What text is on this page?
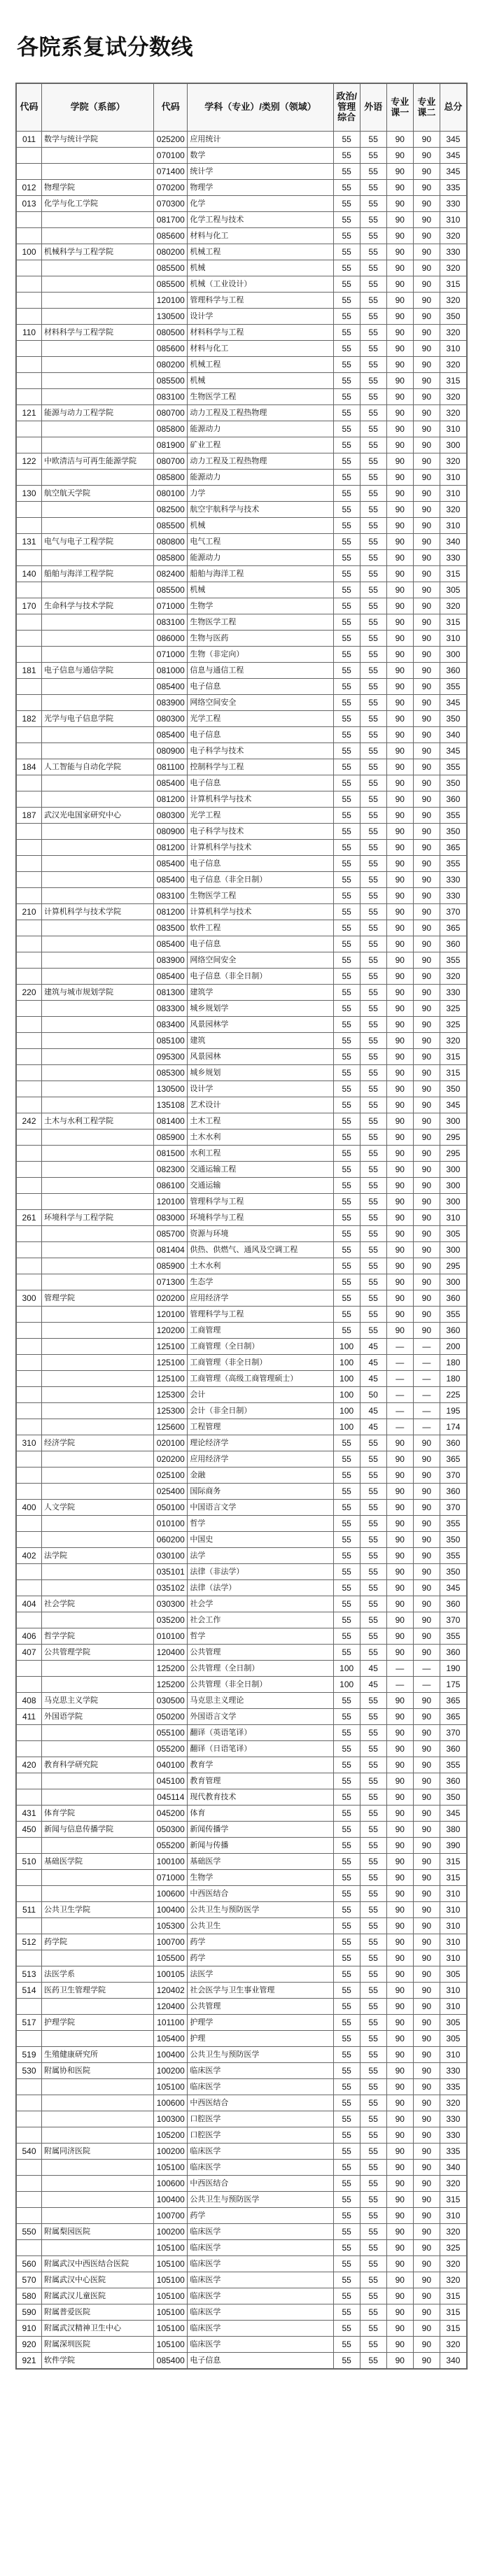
各院系复试分数线
代码	学院（系部）	代码	学科（专业）/类别（领域）	政治/管理综合	外语	专业课一	专业课二	总分
011	数学与统计学院	025200	应用统计	55	55	90	90	345
		070100	数学	55	55	90	90	345
		071400	统计学	55	55	90	90	345
012	物理学院	070200	物理学	55	55	90	90	335
013	化学与化工学院	070300	化学	55	55	90	90	330
		081700	化学工程与技术	55	55	90	90	310
		085600	材料与化工	55	55	90	90	320
100	机械科学与工程学院	080200	机械工程	55	55	90	90	330
		085500	机械	55	55	90	90	320
		085500	机械（工业设计）	55	55	90	90	315
		120100	管理科学与工程	55	55	90	90	320
		130500	设计学	55	55	90	90	350
110	材料科学与工程学院	080500	材料科学与工程	55	55	90	90	320
		085600	材料与化工	55	55	90	90	310
		080200	机械工程	55	55	90	90	320
		085500	机械	55	55	90	90	315
		083100	生物医学工程	55	55	90	90	320
121	能源与动力工程学院	080700	动力工程及工程热物理	55	55	90	90	320
		085800	能源动力	55	55	90	90	310
		081900	矿业工程	55	55	90	90	300
122	中欧清洁与可再生能源学院	080700	动力工程及工程热物理	55	55	90	90	320
		085800	能源动力	55	55	90	90	310
130	航空航天学院	080100	力学	55	55	90	90	310
		082500	航空宇航科学与技术	55	55	90	90	320
		085500	机械	55	55	90	90	310
131	电气与电子工程学院	080800	电气工程	55	55	90	90	340
		085800	能源动力	55	55	90	90	330
140	船舶与海洋工程学院	082400	船舶与海洋工程	55	55	90	90	315
		085500	机械	55	55	90	90	305
170	生命科学与技术学院	071000	生物学	55	55	90	90	320
		083100	生物医学工程	55	55	90	90	315
		086000	生物与医药	55	55	90	90	310
		071000	生物（非定向）	55	55	90	90	300
181	电子信息与通信学院	081000	信息与通信工程	55	55	90	90	360
		085400	电子信息	55	55	90	90	355
		083900	网络空间安全	55	55	90	90	345
182	光学与电子信息学院	080300	光学工程	55	55	90	90	350
		085400	电子信息	55	55	90	90	340
		080900	电子科学与技术	55	55	90	90	345
184	人工智能与自动化学院	081100	控制科学与工程	55	55	90	90	355
		085400	电子信息	55	55	90	90	350
		081200	计算机科学与技术	55	55	90	90	360
187	武汉光电国家研究中心	080300	光学工程	55	55	90	90	355
		080900	电子科学与技术	55	55	90	90	350
		081200	计算机科学与技术	55	55	90	90	365
		085400	电子信息	55	55	90	90	355
		085400	电子信息（非全日制）	55	55	90	90	330
		083100	生物医学工程	55	55	90	90	330
210	计算机科学与技术学院	081200	计算机科学与技术	55	55	90	90	370
		083500	软件工程	55	55	90	90	365
		085400	电子信息	55	55	90	90	360
		083900	网络空间安全	55	55	90	90	355
		085400	电子信息（非全日制）	55	55	90	90	320
220	建筑与城市规划学院	081300	建筑学	55	55	90	90	330
		083300	城乡规划学	55	55	90	90	325
		083400	风景园林学	55	55	90	90	325
		085100	建筑	55	55	90	90	320
		095300	风景园林	55	55	90	90	315
		085300	城乡规划	55	55	90	90	315
		130500	设计学	55	55	90	90	350
		135108	艺术设计	55	55	90	90	345
242	土木与水利工程学院	081400	土木工程	55	55	90	90	300
		085900	土木水利	55	55	90	90	295
		081500	水利工程	55	55	90	90	295
		082300	交通运输工程	55	55	90	90	300
		086100	交通运输	55	55	90	90	300
		120100	管理科学与工程	55	55	90	90	300
261	环境科学与工程学院	083000	环境科学与工程	55	55	90	90	310
		085700	资源与环境	55	55	90	90	305
		081404	供热、供燃气、通风及空调工程	55	55	90	90	300
		085900	土木水利	55	55	90	90	295
		071300	生态学	55	55	90	90	300
300	管理学院	020200	应用经济学	55	55	90	90	360
		120100	管理科学与工程	55	55	90	90	355
		120200	工商管理	55	55	90	90	360
		125100	工商管理（全日制）	100	45	—	—	200
		125100	工商管理（非全日制）	100	45	—	—	180
		125100	工商管理（高级工商管理硕士）	100	45	—	—	180
		125300	会计	100	50	—	—	225
		125300	会计（非全日制）	100	45	—	—	195
		125600	工程管理	100	45	—	—	174
310	经济学院	020100	理论经济学	55	55	90	90	360
		020200	应用经济学	55	55	90	90	365
		025100	金融	55	55	90	90	370
		025400	国际商务	55	55	90	90	360
400	人文学院	050100	中国语言文学	55	55	90	90	370
		010100	哲学	55	55	90	90	355
		060200	中国史	55	55	90	90	350
402	法学院	030100	法学	55	55	90	90	355
		035101	法律（非法学）	55	55	90	90	350
		035102	法律（法学）	55	55	90	90	345
404	社会学院	030300	社会学	55	55	90	90	360
		035200	社会工作	55	55	90	90	370
406	哲学学院	010100	哲学	55	55	90	90	355
407	公共管理学院	120400	公共管理	55	55	90	90	360
		125200	公共管理（全日制）	100	45	—	—	190
		125200	公共管理（非全日制）	100	45	—	—	175
408	马克思主义学院	030500	马克思主义理论	55	55	90	90	365
411	外国语学院	050200	外国语言文学	55	55	90	90	365
		055100	翻译（英语笔译）	55	55	90	90	370
		055200	翻译（日语笔译）	55	55	90	90	360
420	教育科学研究院	040100	教育学	55	55	90	90	355
		045100	教育管理	55	55	90	90	360
		045114	现代教育技术	55	55	90	90	350
431	体育学院	045200	体育	55	55	90	90	345
450	新闻与信息传播学院	050300	新闻传播学	55	55	90	90	380
		055200	新闻与传播	55	55	90	90	390
510	基础医学院	100100	基础医学	55	55	90	90	315
		071000	生物学	55	55	90	90	315
		100600	中西医结合	55	55	90	90	310
511	公共卫生学院	100400	公共卫生与预防医学	55	55	90	90	310
		105300	公共卫生	55	55	90	90	310
512	药学院	100700	药学	55	55	90	90	310
		105500	药学	55	55	90	90	310
513	法医学系	100105	法医学	55	55	90	90	305
514	医药卫生管理学院	120402	社会医学与卫生事业管理	55	55	90	90	310
		120400	公共管理	55	55	90	90	310
517	护理学院	101100	护理学	55	55	90	90	305
		105400	护理	55	55	90	90	305
519	生殖健康研究所	100400	公共卫生与预防医学	55	55	90	90	310
530	附属协和医院	100200	临床医学	55	55	90	90	330
		105100	临床医学	55	55	90	90	335
		100600	中西医结合	55	55	90	90	320
		100300	口腔医学	55	55	90	90	330
		105200	口腔医学	55	55	90	90	330
540	附属同济医院	100200	临床医学	55	55	90	90	335
		105100	临床医学	55	55	90	90	340
		100600	中西医结合	55	55	90	90	320
		100400	公共卫生与预防医学	55	55	90	90	315
		100700	药学	55	55	90	90	310
550	附属梨园医院	100200	临床医学	55	55	90	90	320
		105100	临床医学	55	55	90	90	325
560	附属武汉中西医结合医院	105100	临床医学	55	55	90	90	320
570	附属武汉中心医院	105100	临床医学	55	55	90	90	320
580	附属武汉儿童医院	105100	临床医学	55	55	90	90	315
590	附属普爱医院	105100	临床医学	55	55	90	90	315
910	附属武汉精神卫生中心	105100	临床医学	55	55	90	90	315
920	附属深圳医院	105100	临床医学	55	55	90	90	320
921	软件学院	085400	电子信息	55	55	90	90	340
